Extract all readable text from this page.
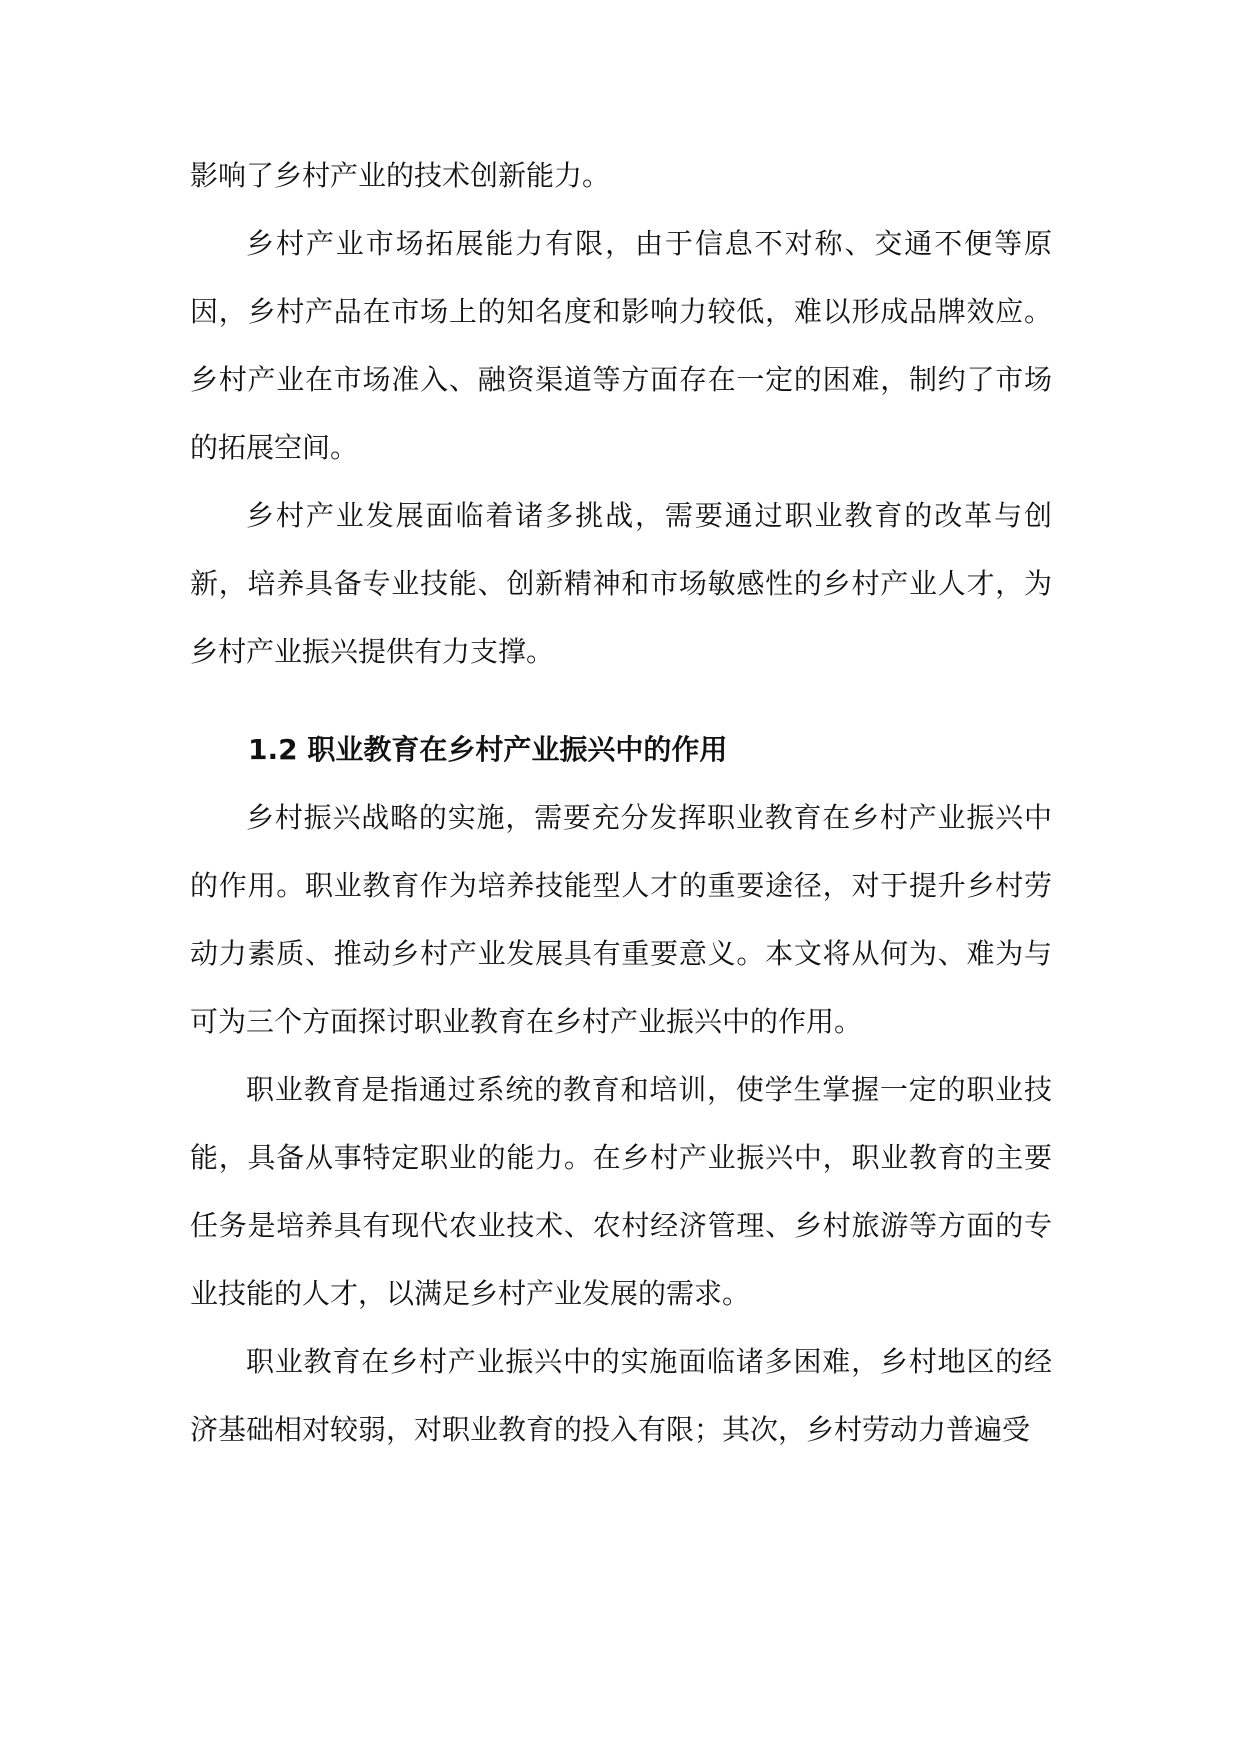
影响了乡村产业的技术创新能力。

乡村产业市场拓展能力有限，由于信息不对称、交通不便等原因，乡村产品在市场上的知名度和影响力较低，难以形成品牌效应。乡村产业在市场准入、融资渠道等方面存在一定的困难，制约了市场的拓展空间。

乡村产业发展面临着诸多挑战，需要通过职业教育的改革与创新，培养具备专业技能、创新精神和市场敏感性的乡村产业人才，为乡村产业振兴提供有力支撑。

1.2 职业教育在乡村产业振兴中的作用

乡村振兴战略的实施，需要充分发挥职业教育在乡村产业振兴中的作用。职业教育作为培养技能型人才的重要途径，对于提升乡村劳动力素质、推动乡村产业发展具有重要意义。本文将从何为、难为与可为三个方面探讨职业教育在乡村产业振兴中的作用。

职业教育是指通过系统的教育和培训，使学生掌握一定的职业技能，具备从事特定职业的能力。在乡村产业振兴中，职业教育的主要任务是培养具有现代农业技术、农村经济管理、乡村旅游等方面的专业技能的人才，以满足乡村产业发展的需求。

职业教育在乡村产业振兴中的实施面临诸多困难，乡村地区的经济基础相对较弱，对职业教育的投入有限；其次，乡村劳动力普遍受
